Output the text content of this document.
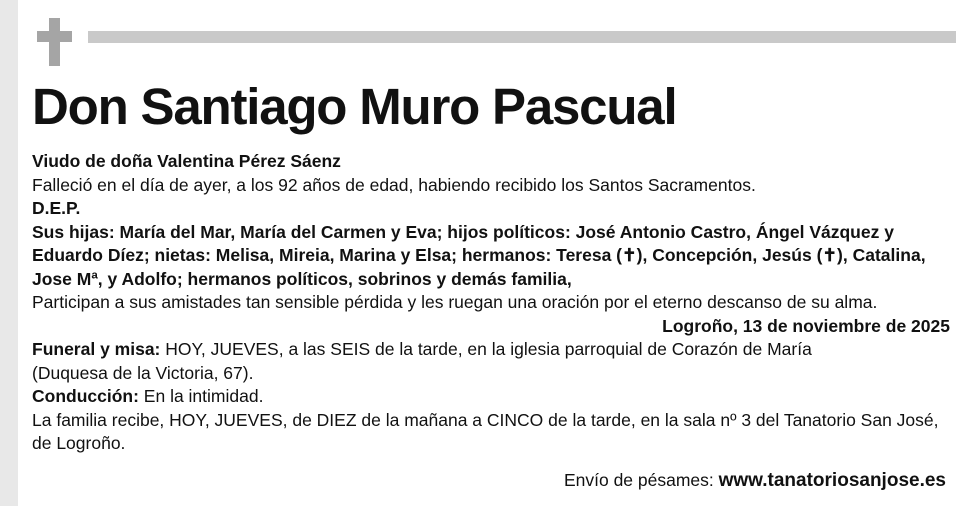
Don Santiago Muro Pascual

Viudo de doña Valentina Pérez Sáenz

Falleció en el día de ayer, a los 92 años de edad, habiendo recibido los Santos Sacramentos.

D.E.P.

Sus hijas: María del Mar, María del Carmen y Eva; hijos políticos: José Antonio Castro, Ángel Vázquez y Eduardo Díez; nietas: Melisa, Mireia, Marina y Elsa; hermanos: Teresa (✝), Concepción, Jesús (✝), Catalina, Jose Mª, y Adolfo; hermanos políticos, sobrinos y demás familia,

Participan a sus amistades tan sensible pérdida y les ruegan una oración por el eterno descanso de su alma.

Logroño, 13 de noviembre de 2025

Funeral y misa: HOY, JUEVES, a las SEIS de la tarde, en la iglesia parroquial de Corazón de María

(Duquesa de la Victoria, 67).

Conducción: En la intimidad.

La familia recibe, HOY, JUEVES, de DIEZ de la mañana a CINCO de la tarde, en la sala nº 3 del Tanatorio San José,

de Logroño.

Envío de pésames: www.tanatoriosanjose.es
